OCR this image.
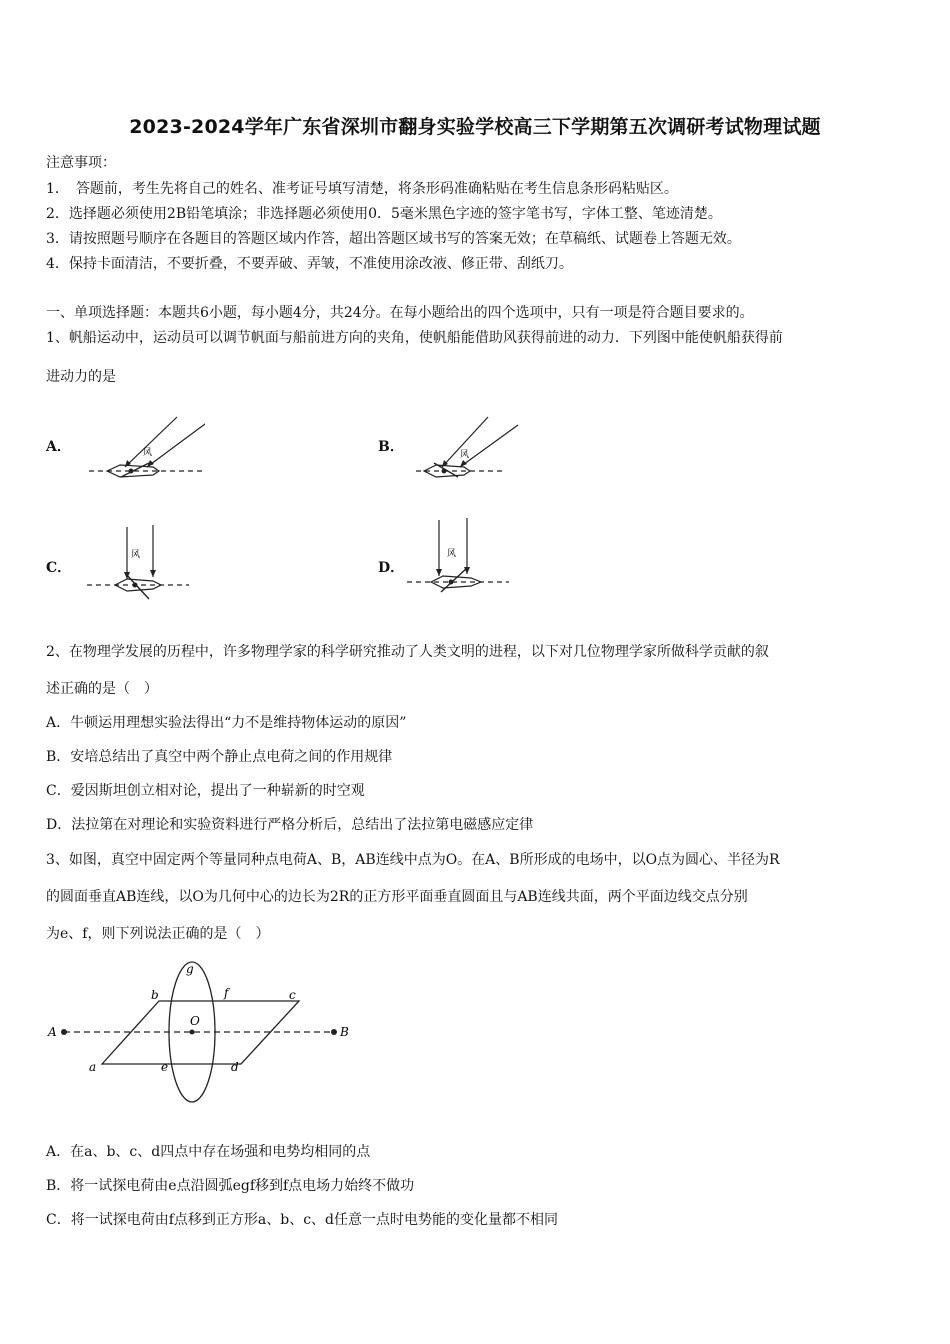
2023-2024学年广东省深圳市翻身实验学校高三下学期第五次调研考试物理试题
注意事项：
1．　答题前，考生先将自己的姓名、准考证号填写清楚，将条形码准确粘贴在考生信息条形码粘贴区。
2．选择题必须使用2B铅笔填涂；非选择题必须使用0．5毫米黑色字迹的签字笔书写，字体工整、笔迹清楚。
3．请按照题号顺序在各题目的答题区域内作答，超出答题区域书写的答案无效；在草稿纸、试题卷上答题无效。
4．保持卡面清洁，不要折叠，不要弄破、弄皱，不准使用涂改液、修正带、刮纸刀。
一、单项选择题：本题共6小题，每小题4分，共24分。在每小题给出的四个选项中，只有一项是符合题目要求的。
1、帆船运动中，运动员可以调节帆面与船前进方向的夹角，使帆船能借助风获得前进的动力．下列图中能使帆船获得前
进动力的是
A．	风	B．	风
C．
风
D．
风
2、在物理学发展的历程中，许多物理学家的科学研究推动了人类文明的进程，以下对几位物理学家所做科学贡献的叙
述正确的是（　）
A．牛顿运用理想实验法得出“力不是维持物体运动的原因”
B．安培总结出了真空中两个静止点电荷之间的作用规律
C．爱因斯坦创立相对论，提出了一种崭新的时空观
D．法拉第在对理论和实验资料进行严格分析后，总结出了法拉第电磁感应定律
3、如图，真空中固定两个等量同种点电荷A、B，AB连线中点为O。在A、B所形成的电场中，以O点为圆心、半径为R
的圆面垂直AB连线，以O为几何中心的边长为2R的正方形平面垂直圆面且与AB连线共面，两个平面边线交点分别
为e、f，则下列说法正确的是（　）
A	B
O
a
b	c
d
e
f
g
A．在a、b、c、d四点中存在场强和电势均相同的点
B．将一试探电荷由e点沿圆弧egf移到f点电场力始终不做功
C．将一试探电荷由f点移到正方形a、b、c、d任意一点时电势能的变化量都不相同
